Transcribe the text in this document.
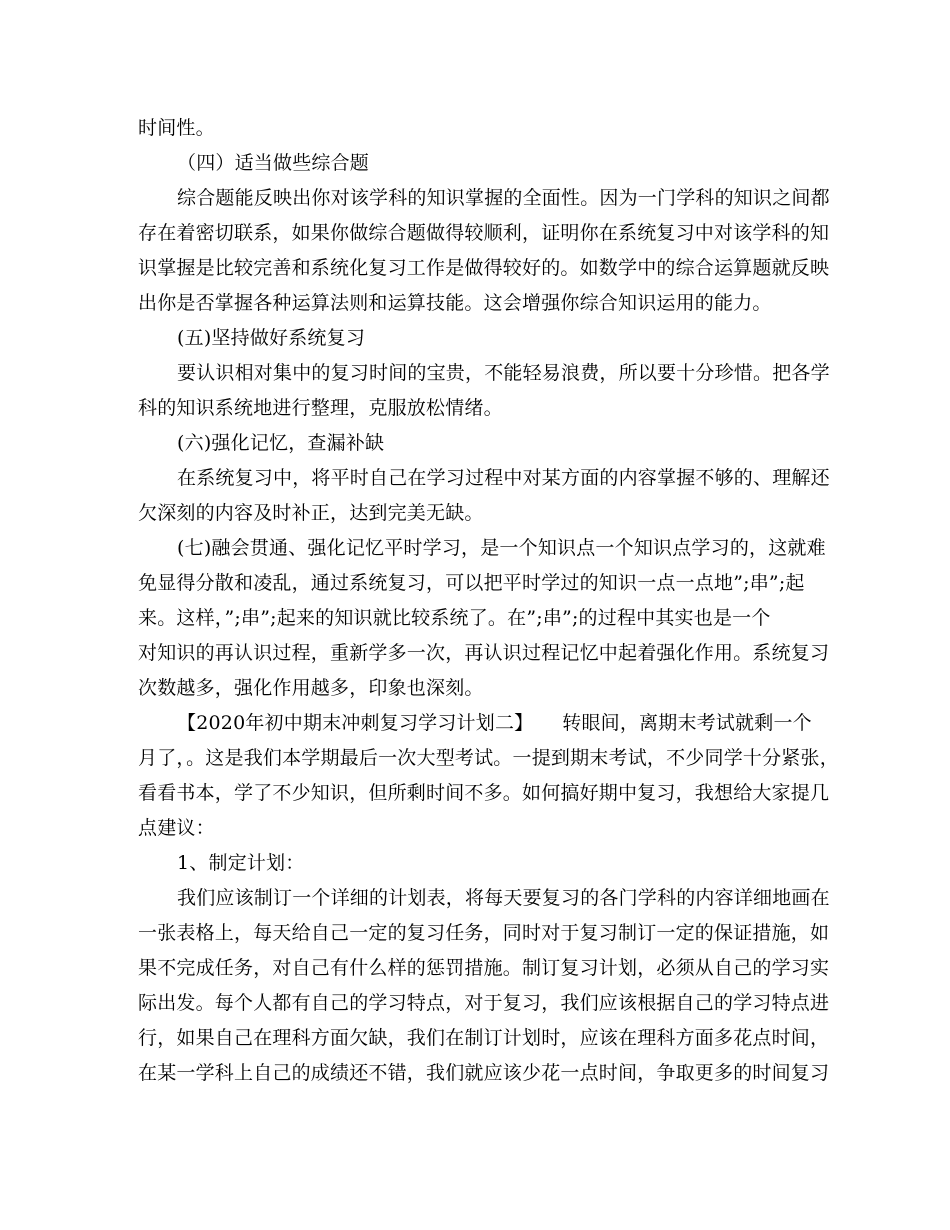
时间性。
（四）适当做些综合题
综合题能反映出你对该学科的知识掌握的全面性。因为一门学科的知识之间都
存在着密切联系，如果你做综合题做得较顺利，证明你在系统复习中对该学科的知
识掌握是比较完善和系统化复习工作是做得较好的。如数学中的综合运算题就反映
出你是否掌握各种运算法则和运算技能。这会增强你综合知识运用的能力。
(五)坚持做好系统复习
要认识相对集中的复习时间的宝贵，不能轻易浪费，所以要十分珍惜。把各学
科的知识系统地进行整理，克服放松情绪。
(六)强化记忆，查漏补缺
在系统复习中，将平时自己在学习过程中对某方面的内容掌握不够的、理解还
欠深刻的内容及时补正，达到完美无缺。
(七)融会贯通、强化记忆平时学习，是一个知识点一个知识点学习的，这就难
免显得分散和凌乱，通过系统复习，可以把平时学过的知识一点一点地”;串”;起
来。这样，”;串”;起来的知识就比较系统了。在”;串”;的过程中其实也是一个
对知识的再认识过程，重新学多一次，再认识过程记忆中起着强化作用。系统复习
次数越多，强化作用越多，印象也深刻。
【2020年初中期末冲刺复习学习计划二】　　转眼间，离期末考试就剩一个
月了，。这是我们本学期最后一次大型考试。一提到期末考试，不少同学十分紧张，
看看书本，学了不少知识，但所剩时间不多。如何搞好期中复习，我想给大家提几
点建议：
1、制定计划：
我们应该制订一个详细的计划表，将每天要复习的各门学科的内容详细地画在
一张表格上，每天给自己一定的复习任务，同时对于复习制订一定的保证措施，如
果不完成任务，对自己有什么样的惩罚措施。制订复习计划，必须从自己的学习实
际出发。每个人都有自己的学习特点，对于复习，我们应该根据自己的学习特点进
行，如果自己在理科方面欠缺，我们在制订计划时，应该在理科方面多花点时间，
在某一学科上自己的成绩还不错，我们就应该少花一点时间，争取更多的时间复习
